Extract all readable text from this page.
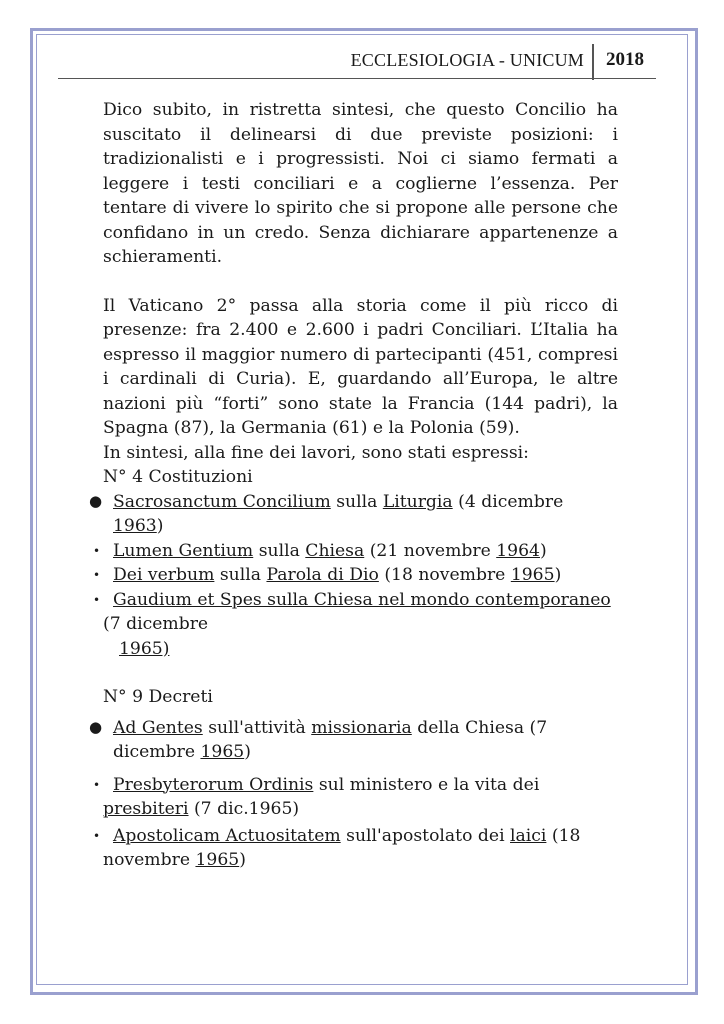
ECCLESIOLOGIA - UNICUM 2018

Dico subito, in ristretta sintesi, che questo Concilio ha suscitato il delinearsi di due previste posizioni: i tradizionalisti e i progressisti. Noi ci siamo fermati a leggere i testi conciliari e a coglierne l’essenza. Per tentare di vivere lo spirito che si propone alle persone che confidano in un credo. Senza dichiarare appartenenze a schieramenti.

Il Vaticano 2° passa alla storia come il più ricco di presenze: fra 2.400 e 2.600 i padri Conciliari. L’Italia ha espresso il maggior numero di partecipanti (451, compresi i cardinali di Curia). E, guardando all’Europa, le altre nazioni più “forti” sono state la Francia (144 padri), la Spagna (87), la Germania (61) e la Polonia (59).

In sintesi, alla fine dei lavori, sono stati espressi:

N° 4 Costituzioni

● Sacrosanctum Concilium sulla Liturgia (4 dicembre
1963)
• Lumen Gentium sulla Chiesa (21 novembre 1964)
• Dei verbum sulla Parola di Dio (18 novembre 1965)
• Gaudium et Spes sulla Chiesa nel mondo contemporaneo
(7 dicembre
1965)

N° 9 Decreti

● Ad Gentes sull'attività missionaria della Chiesa (7
dicembre 1965)
• Presbyterorum Ordinis sul ministero e la vita dei
presbiteri (7 dic.1965)
• Apostolicam Actuositatem sull'apostolato dei laici (18
novembre 1965)
